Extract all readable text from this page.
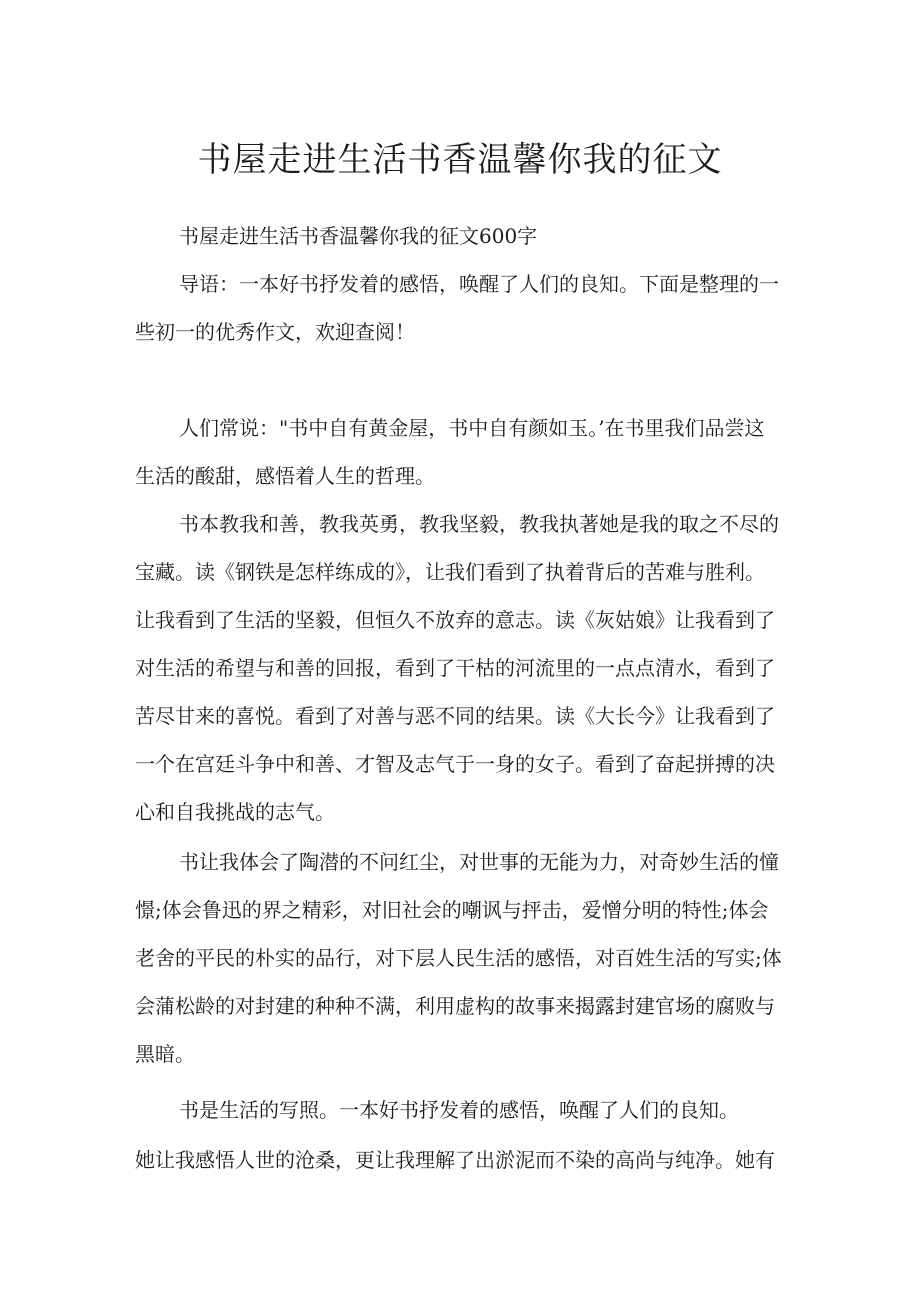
书屋走进生活书香温馨你我的征文
书屋走进生活书香温馨你我的征文600字
导语：一本好书抒发着的感悟，唤醒了人们的良知。下面是整理的一
些初一的优秀作文，欢迎查阅！
人们常说："书中自有黄金屋，书中自有颜如玉。’在书里我们品尝这
生活的酸甜，感悟着人生的哲理。
书本教我和善，教我英勇，教我坚毅，教我执著她是我的取之不尽的
宝藏。读《钢铁是怎样练成的》，让我们看到了执着背后的苦难与胜利。
让我看到了生活的坚毅，但恒久不放弃的意志。读《灰姑娘》让我看到了
对生活的希望与和善的回报，看到了干枯的河流里的一点点清水，看到了
苦尽甘来的喜悦。看到了对善与恶不同的结果。读《大长今》让我看到了
一个在宫廷斗争中和善、才智及志气于一身的女子。看到了奋起拼搏的决
心和自我挑战的志气。
书让我体会了陶潜的不问红尘，对世事的无能为力，对奇妙生活的憧
憬;体会鲁迅的界之精彩，对旧社会的嘲讽与抨击，爱憎分明的特性;体会
老舍的平民的朴实的品行，对下层人民生活的感悟，对百姓生活的写实;体
会蒲松龄的对封建的种种不满，利用虚构的故事来揭露封建官场的腐败与
黑暗。
书是生活的写照。一本好书抒发着的感悟，唤醒了人们的良知。
她让我感悟人世的沧桑，更让我理解了出淤泥而不染的高尚与纯净。她有
